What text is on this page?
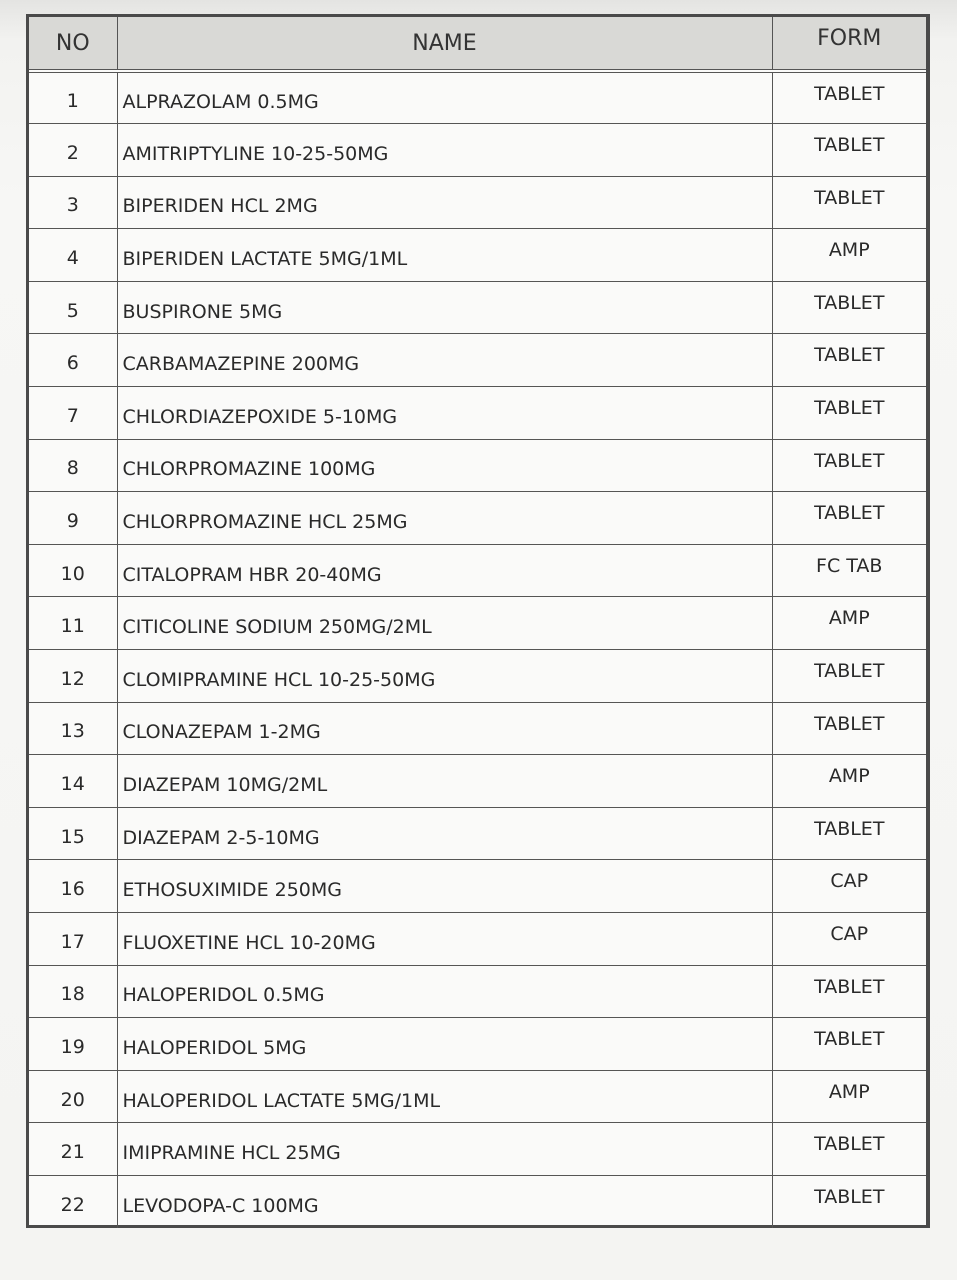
NO	NAME	FORM
1	ALPRAZOLAM 0.5MG	TABLET
2	AMITRIPTYLINE 10-25-50MG	TABLET
3	BIPERIDEN HCL 2MG	TABLET
4	BIPERIDEN LACTATE 5MG/1ML	AMP
5	BUSPIRONE 5MG	TABLET
6	CARBAMAZEPINE 200MG	TABLET
7	CHLORDIAZEPOXIDE 5-10MG	TABLET
8	CHLORPROMAZINE 100MG	TABLET
9	CHLORPROMAZINE HCL 25MG	TABLET
10	CITALOPRAM HBR 20-40MG	FC TAB
11	CITICOLINE SODIUM 250MG/2ML	AMP
12	CLOMIPRAMINE HCL 10-25-50MG	TABLET
13	CLONAZEPAM 1-2MG	TABLET
14	DIAZEPAM 10MG/2ML	AMP
15	DIAZEPAM 2-5-10MG	TABLET
16	ETHOSUXIMIDE 250MG	CAP
17	FLUOXETINE HCL 10-20MG	CAP
18	HALOPERIDOL 0.5MG	TABLET
19	HALOPERIDOL 5MG	TABLET
20	HALOPERIDOL LACTATE 5MG/1ML	AMP
21	IMIPRAMINE HCL 25MG	TABLET
22	LEVODOPA-C 100MG	TABLET
